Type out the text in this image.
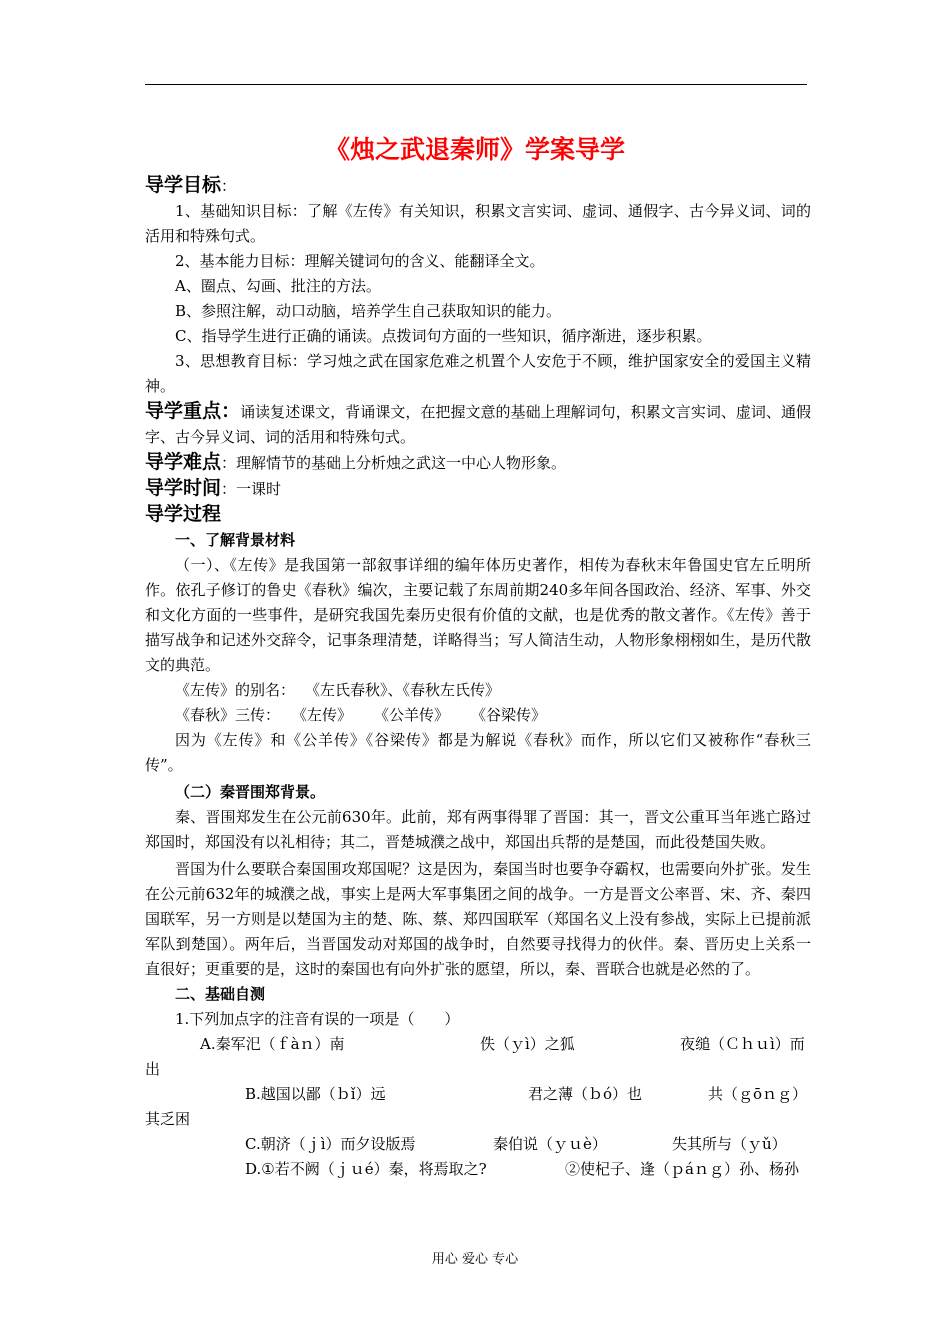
《烛之武退秦师》学案导学

导学目标：

1、基础知识目标：了解《左传》有关知识，积累文言实词、虚词、通假字、古今异义词、词的活用和特殊句式。

2、基本能力目标：理解关键词句的含义、能翻译全文。

A、圈点、勾画、批注的方法。

B、参照注解，动口动脑，培养学生自己获取知识的能力。

C、指导学生进行正确的诵读。点拨词句方面的一些知识，循序渐进，逐步积累。

3、思想教育目标：学习烛之武在国家危难之机置个人安危于不顾，维护国家安全的爱国主义精神。

导学重点：诵读复述课文，背诵课文，在把握文意的基础上理解词句，积累文言实词、虚词、通假字、古今异义词、词的活用和特殊句式。

导学难点：理解情节的基础上分析烛之武这一中心人物形象。

导学时间：一课时

导学过程

一、了解背景材料

（一）、《左传》是我国第一部叙事详细的编年体历史著作，相传为春秋末年鲁国史官左丘明所作。依孔子修订的鲁史《春秋》编次，主要记载了东周前期240多年间各国政治、经济、军事、外交和文化方面的一些事件，是研究我国先秦历史很有价值的文献，也是优秀的散文著作。《左传》善于描写战争和记述外交辞令，记事条理清楚，详略得当；写人简洁生动，人物形象栩栩如生，是历代散文的典范。

《左传》的别名： 《左氏春秋》、《春秋左氏传》

《春秋》三传： 《左传》 《公羊传》 《谷梁传》

因为《左传》和《公羊传》《谷梁传》都是为解说《春秋》而作，所以它们又被称作“春秋三传”。

（二）秦晋围郑背景。

秦、晋围郑发生在公元前630年。此前，郑有两事得罪了晋国：其一，晋文公重耳当年逃亡路过郑国时，郑国没有以礼相待；其二，晋楚城濮之战中，郑国出兵帮的是楚国，而此役楚国失败。

晋国为什么要联合秦国围攻郑国呢？这是因为，秦国当时也要争夺霸权，也需要向外扩张。发生在公元前632年的城濮之战，事实上是两大军事集团之间的战争。一方是晋文公率晋、宋、齐、秦四国联军，另一方则是以楚国为主的楚、陈、蔡、郑四国联军（郑国名义上没有参战，实际上已提前派军队到楚国）。两年后，当晋国发动对郑国的战争时，自然要寻找得力的伙伴。秦、晋历史上关系一直很好；更重要的是，这时的秦国也有向外扩张的愿望，所以，秦、晋联合也就是必然的了。

二、基础自测

1.下列加点字的注音有误的一项是（　　）

A.秦军汜（ｆàｎ）南	佚（ｙì）之狐	夜缒（Ｃｈｕì）而

出

B.越国以鄙（ｂǐ）远	君之薄（ｂó）也	共（ｇōｎｇ）

其乏困

C.朝济（ｊì）而夕设版焉	秦伯说（ｙｕè）	失其所与（ｙǔ）

D.①若不阙（ｊｕé）秦，将焉取之?	②使杞子、逢（ｐáｎｇ）孙、杨孙

用心 爱心 专心
